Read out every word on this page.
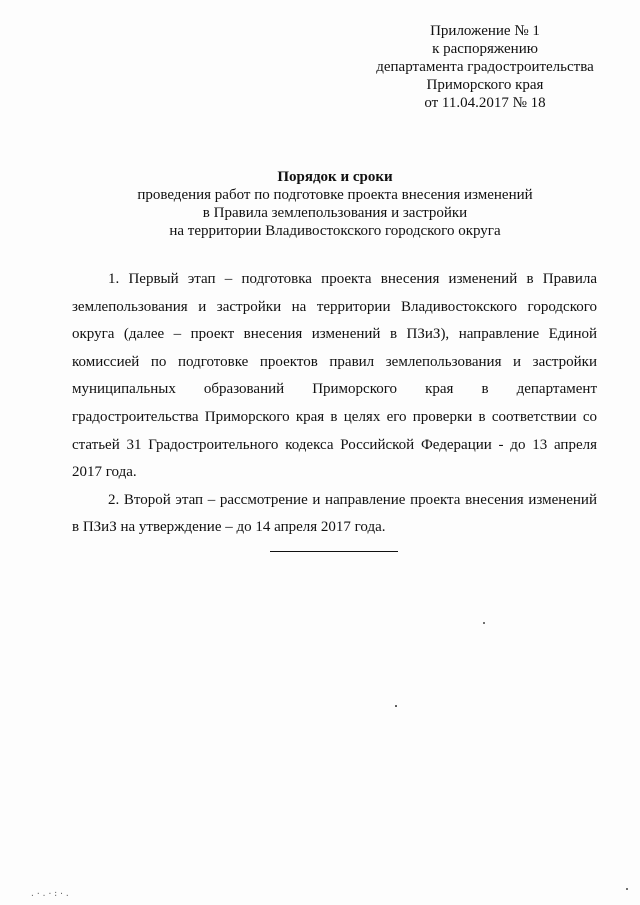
Приложение № 1
к распоряжению
департамента градостроительства
Приморского края
от 11.04.2017 № 18
Порядок и сроки
проведения работ по подготовке проекта внесения изменений
в Правила землепользования и застройки
на территории Владивостокского городского округа

1. Первый этап – подготовка проекта внесения изменений в Правила землепользования и застройки на территории Владивостокского городского округа (далее – проект внесения изменений в ПЗиЗ), направление Единой комиссией по подготовке проектов правил землепользования и застройки муниципальных образований Приморского края в департамент градостроительства Приморского края в целях его проверки в соответствии со статьей 31 Градостроительного кодекса Российской Федерации - до 13 апреля 2017 года.

2. Второй этап – рассмотрение и направление проекта внесения изменений в ПЗиЗ на утверждение – до 14 апреля 2017 года.

.·.·:·.
